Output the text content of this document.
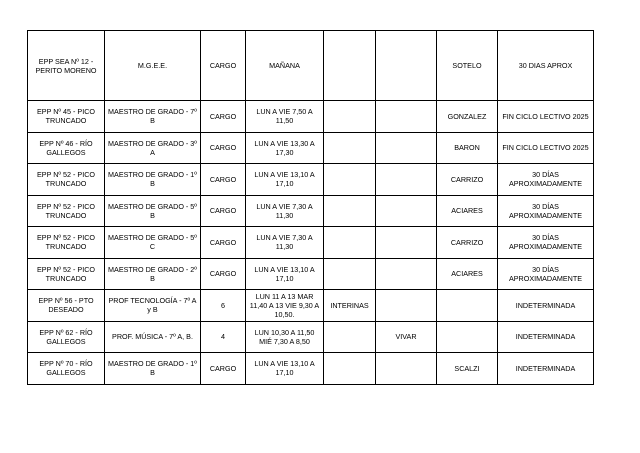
EPP SEA Nº 12 - PERITO MORENO	M.G.E.E.	CARGO	MAÑANA			SOTELO	30 DIAS APROX
EPP Nº 45 - PICO TRUNCADO	MAESTRO DE GRADO - 7º B	CARGO	LUN A VIE 7,50 A 11,50			GONZALEZ	FIN CICLO LECTIVO 2025
EPP Nº 46 - RÍO GALLEGOS	MAESTRO DE GRADO - 3º A	CARGO	LUN A VIE 13,30 A 17,30			BARON	FIN CICLO LECTIVO 2025
EPP Nº 52 - PICO TRUNCADO	MAESTRO DE GRADO - 1º B	CARGO	LUN A VIE 13,10 A 17,10			CARRIZO	30 DÍAS APROXIMADAMENTE
EPP Nº 52 - PICO TRUNCADO	MAESTRO DE GRADO - 5º B	CARGO	LUN A VIE 7,30 A 11,30			ACIARES	30 DÍAS APROXIMADAMENTE
EPP Nº 52 - PICO TRUNCADO	MAESTRO DE GRADO - 5º C	CARGO	LUN A VIE 7,30 A 11,30			CARRIZO	30 DÍAS APROXIMADAMENTE
EPP Nº 52 - PICO TRUNCADO	MAESTRO DE GRADO - 2º B	CARGO	LUN A VIE 13,10 A 17,10			ACIARES	30 DÍAS APROXIMADAMENTE
EPP Nº 56 - PTO DESEADO	PROF TECNOLOGÍA - 7º A y B	6	LUN 11 A 13 MAR 11,40 A 13 VIE 9,30 A 10,50.	INTERINAS			INDETERMINADA
EPP Nº 62 - RÍO GALLEGOS	PROF. MÚSICA - 7º A, B.	4	LUN 10,30 A 11,50 MIÉ 7,30 A 8,50		VIVAR		INDETERMINADA
EPP Nº 70 - RÍO GALLEGOS	MAESTRO DE GRADO - 1º B	CARGO	LUN A VIE 13,10 A 17,10			SCALZI	INDETERMINADA
